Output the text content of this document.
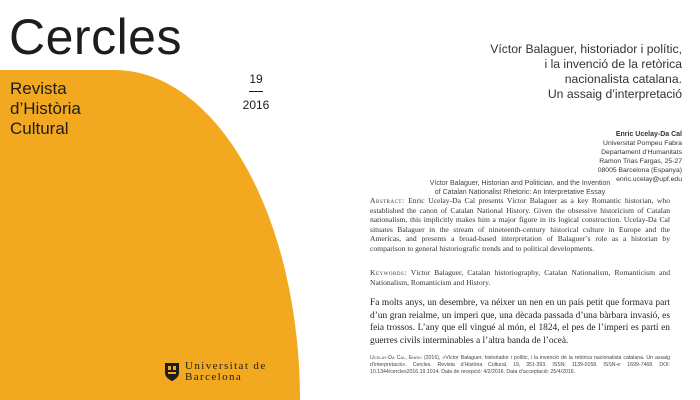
Cercles

Revista
d’Història
Cultural

19
2016
Universitat de
Barcelona
Víctor Balaguer, historiador i polític,
i la invenció de la retòrica
nacionalista catalana.
Un assaig d’interpretació
Enric Ucelay-Da Cal
Universitat Pompeu Fabra
Departament d’Humanitats
Ramon Trias Fargas, 25-27
08005 Barcelona (Espanya)
enric.ucelay@upf.edu
Víctor Balaguer, Historian and Politician, and the Invention
of Catalan Nationalist Rhetoric: An Interpretative Essay

Abstract: Enric Ucelay-Da Cal presents Víctor Balaguer as a key Romantic historian, who established the canon of Catalan National History. Given the obsessive historicism of Catalan nationalism, this implicitly makes him a major figure in its logical construction. Ucelay-Da Cal situates Balaguer in the stream of nineteenth-century historical culture in Europe and the Americas, and presents a broad-based interpretation of Balaguer’s role as a historian by comparison to general historiografic trends and to political developments.

Keywords: Víctor Balaguer, Catalan historiography, Catalan Nationalism, Romanticism and Nationalism, Romanticism and History.

Fa molts anys, un desembre, va néixer un nen en un país petit que formava part d’un gran reialme, un imperi que, una dècada passada d’una bàrbara invasió, es feia trossos. L’any que ell vingué al món, el 1824, el pes de l’imperi es partí en guerres civils interminables a l’altra banda de l’oceà.

Ucelay-Da Cal, Enric (2016), «Víctor Balaguer, historiador i polític, i la invenció de la retòrica nacionalista catalana. Un assaig d’interpretació». Cercles. Revista d’Història Cultural, 19, 351-393. ISSN: 1139-0158. ISSN-e: 1699-7468. DOI: 10.1344/cercles2016.19.1014. Data de recepció: 4/2/2016. Data d’acceptació: 25/4/2016.
